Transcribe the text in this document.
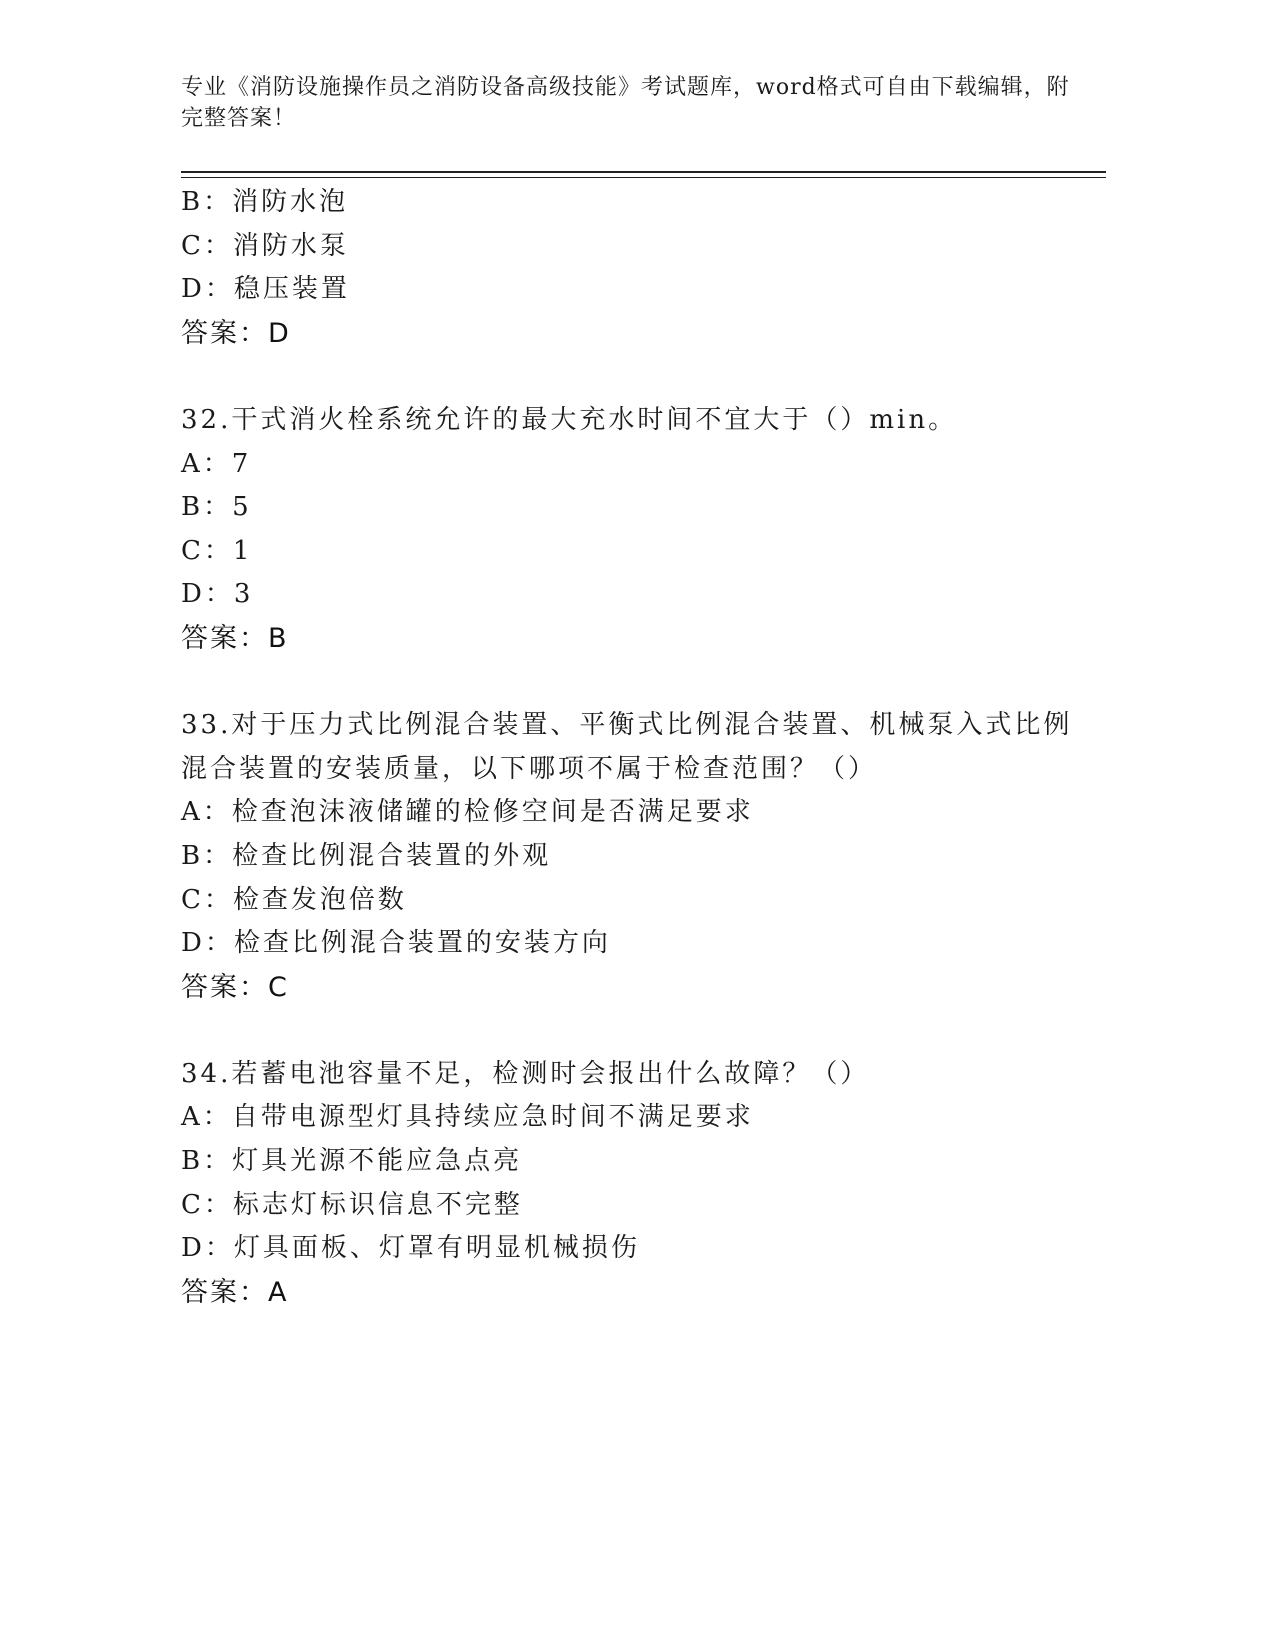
专业《消防设施操作员之消防设备高级技能》考试题库，word格式可自由下载编辑，附完整答案！
B：消防水泡
C：消防水泵
D：稳压装置
答案：D
32.干式消火栓系统允许的最大充水时间不宜大于（）min。
A：7
B：5
C：1
D：3
答案：B
33.对于压力式比例混合装置、平衡式比例混合装置、机械泵入式比例
混合装置的安装质量，以下哪项不属于检查范围？（）
A：检查泡沫液储罐的检修空间是否满足要求
B：检查比例混合装置的外观
C：检查发泡倍数
D：检查比例混合装置的安装方向
答案：C
34.若蓄电池容量不足，检测时会报出什么故障？（）
A：自带电源型灯具持续应急时间不满足要求
B：灯具光源不能应急点亮
C：标志灯标识信息不完整
D：灯具面板、灯罩有明显机械损伤
答案：A
